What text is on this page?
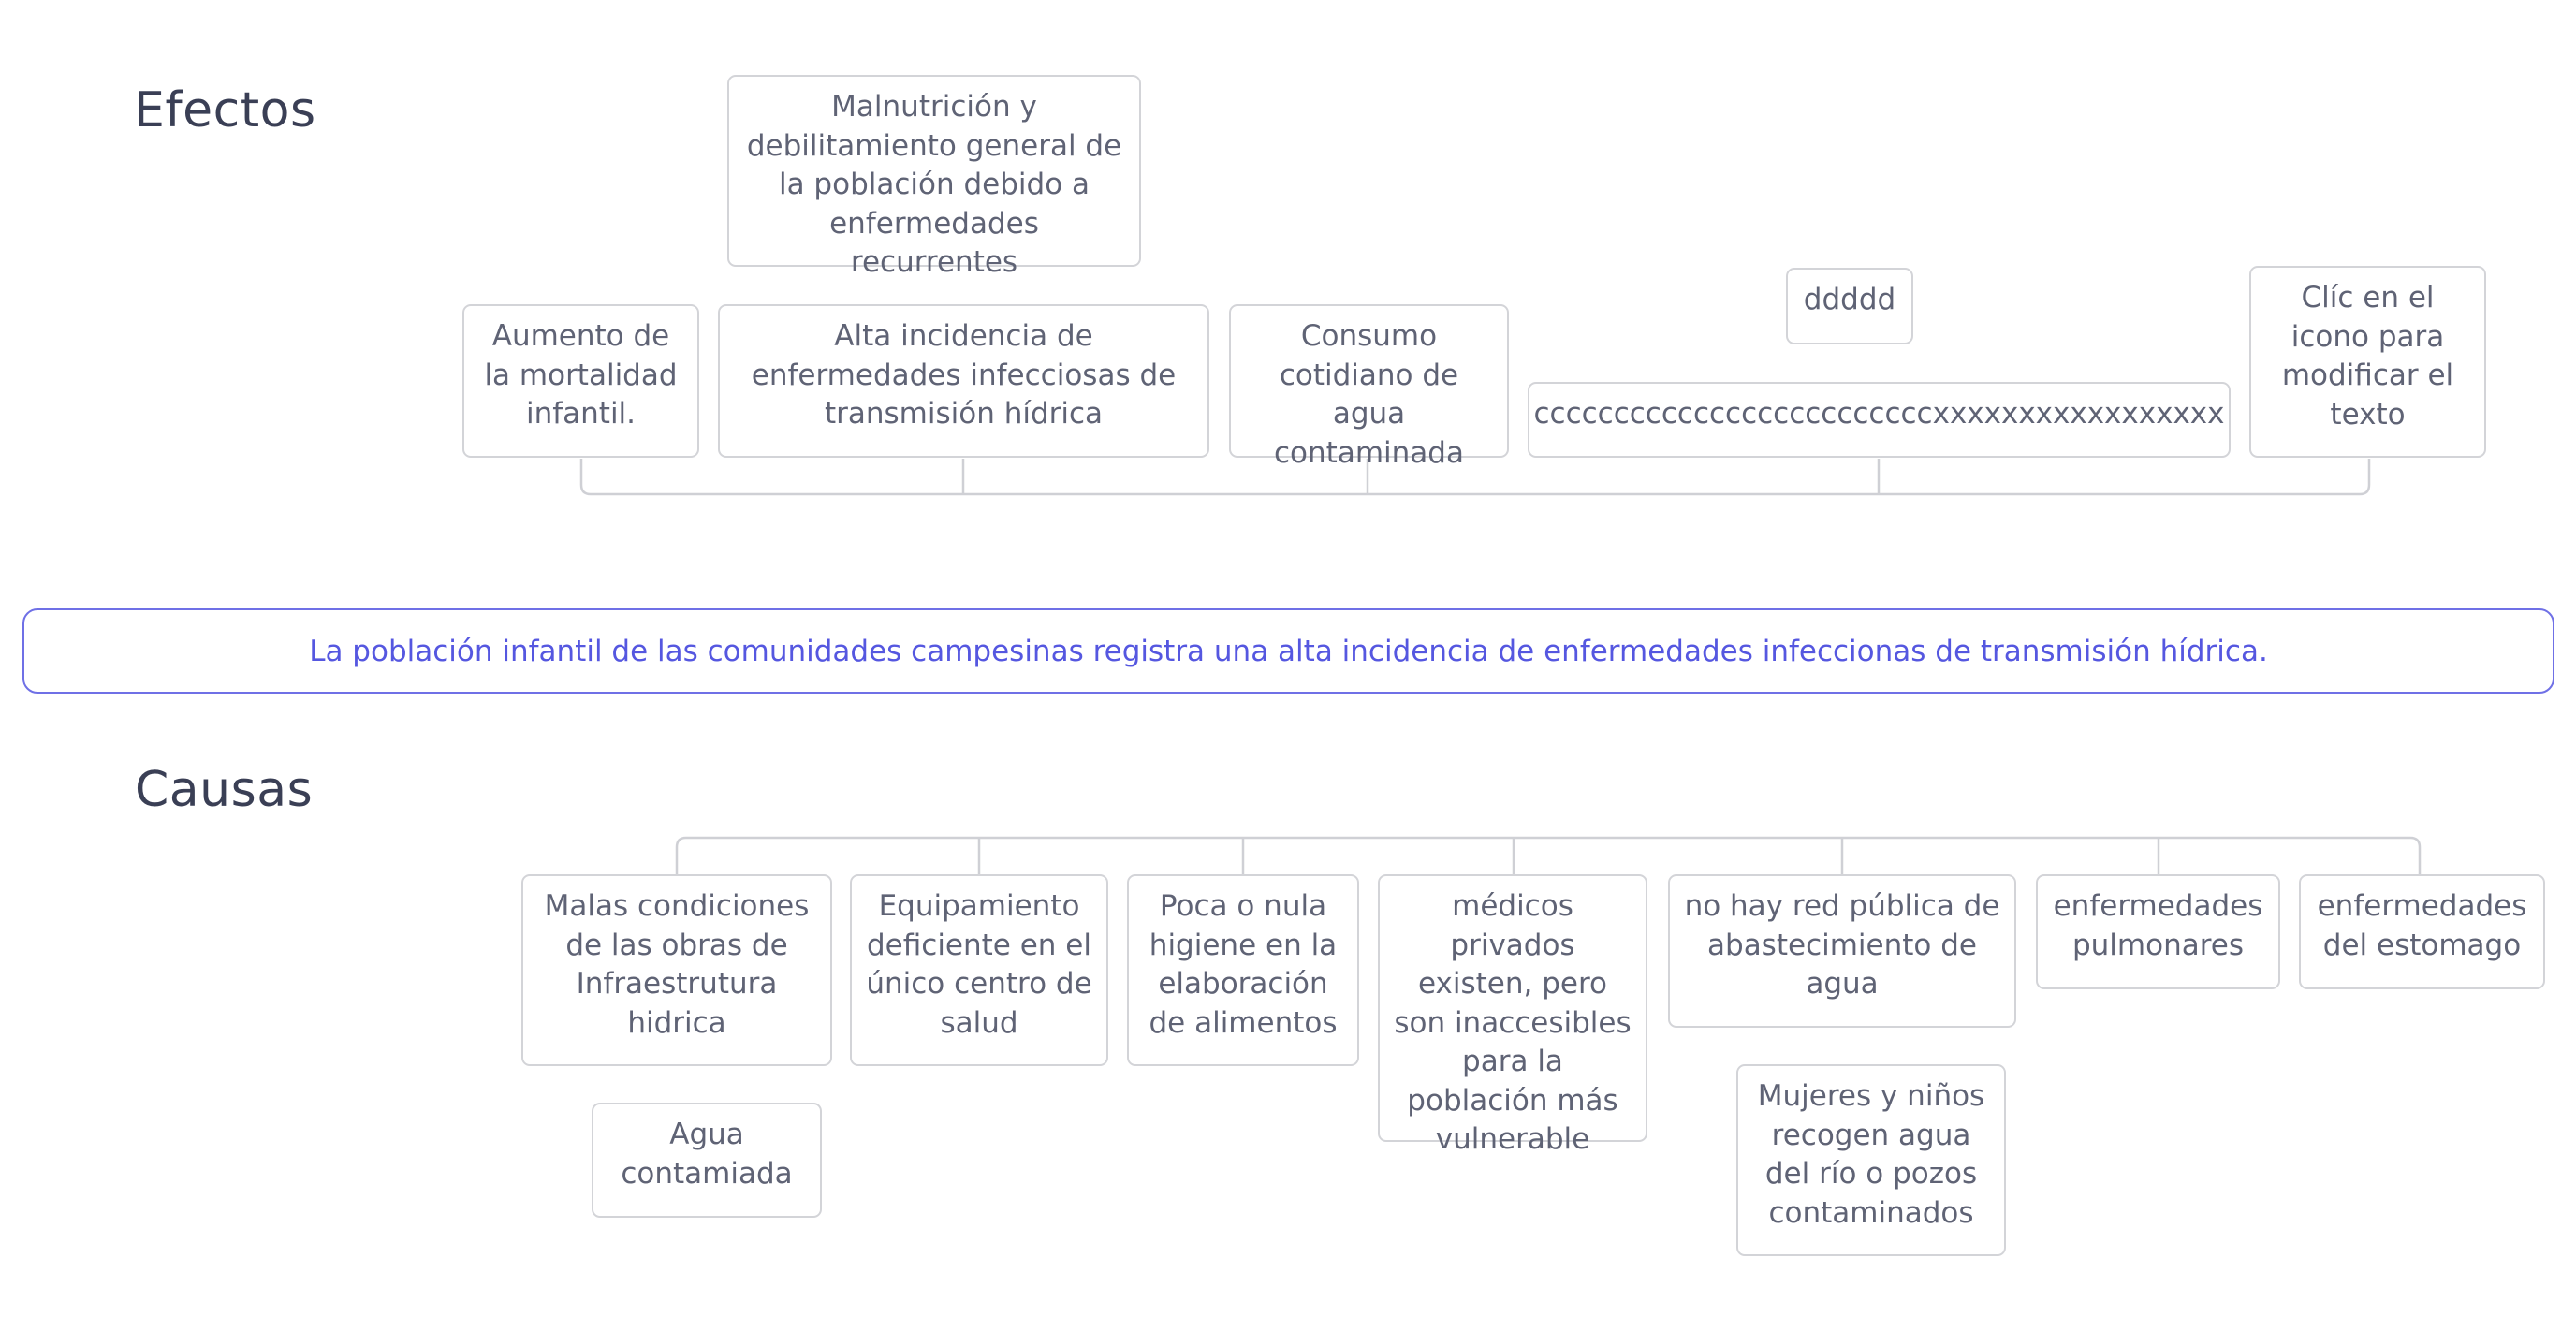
Efectos	Malnutrición y debilitamiento general de la población debido a enfermedades recurrentes
Aumento de la mortalidad infantil.
Alta incidencia de enfermedades infecciosas de transmisión hídrica
Consumo cotidiano de agua contaminada
ddddd
cccccccccccccccccccccccccxxxxxxxxxxxxxxxxx
Clíc en el icono para modificar el texto
La población infantil de las comunidades campesinas registra una alta incidencia de enfermedades infeccionas de transmisión hídrica.
Causas
Malas condiciones de las obras de Infraestrutura hidrica
Agua contamiada
Equipamiento deficiente en el único centro de salud
Poca o nula higiene en la elaboración de alimentos
médicos privados existen, pero son inaccesibles para la población más vulnerable
no hay red pública de abastecimiento de agua
Mujeres y niños recogen agua del río o pozos contaminados
enfermedades pulmonares
enfermedades del estomago
